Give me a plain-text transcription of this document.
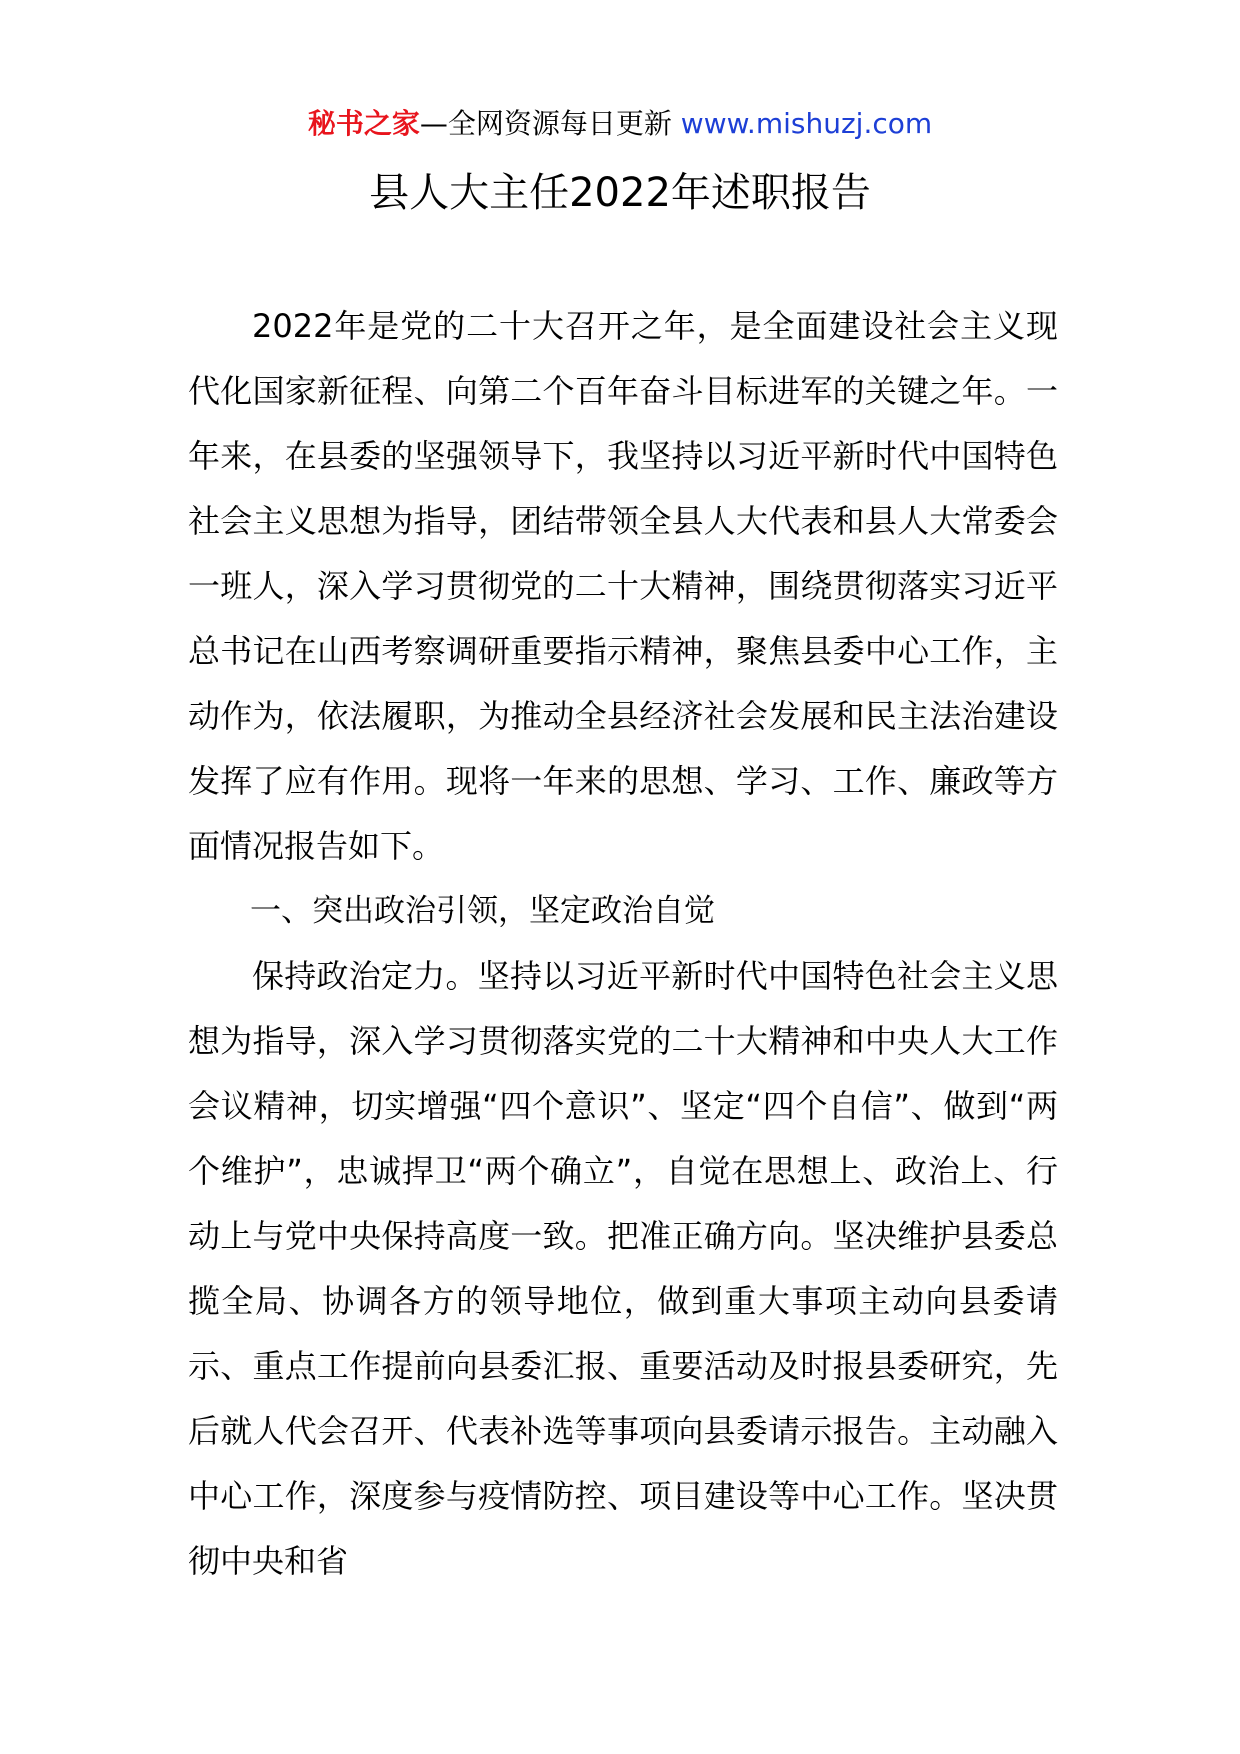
秘书之家—全网资源每日更新 www.mishuzj.com
县人大主任2022年述职报告

2022年是党的二十大召开之年，是全面建设社会主义现代化国家新征程、向第二个百年奋斗目标进军的关键之年。一年来，在县委的坚强领导下，我坚持以习近平新时代中国特色社会主义思想为指导，团结带领全县人大代表和县人大常委会一班人，深入学习贯彻党的二十大精神，围绕贯彻落实习近平总书记在山西考察调研重要指示精神，聚焦县委中心工作，主动作为，依法履职，为推动全县经济社会发展和民主法治建设发挥了应有作用。现将一年来的思想、学习、工作、廉政等方面情况报告如下。

一、突出政治引领，坚定政治自觉

保持政治定力。坚持以习近平新时代中国特色社会主义思想为指导，深入学习贯彻落实党的二十大精神和中央人大工作会议精神，切实增强“四个意识”、坚定“四个自信”、做到“两个维护”，忠诚捍卫“两个确立”，自觉在思想上、政治上、行动上与党中央保持高度一致。把准正确方向。坚决维护县委总揽全局、协调各方的领导地位，做到重大事项主动向县委请示、重点工作提前向县委汇报、重要活动及时报县委研究，先后就人代会召开、代表补选等事项向县委请示报告。主动融入中心工作，深度参与疫情防控、项目建设等中心工作。坚决贯彻中央和省
